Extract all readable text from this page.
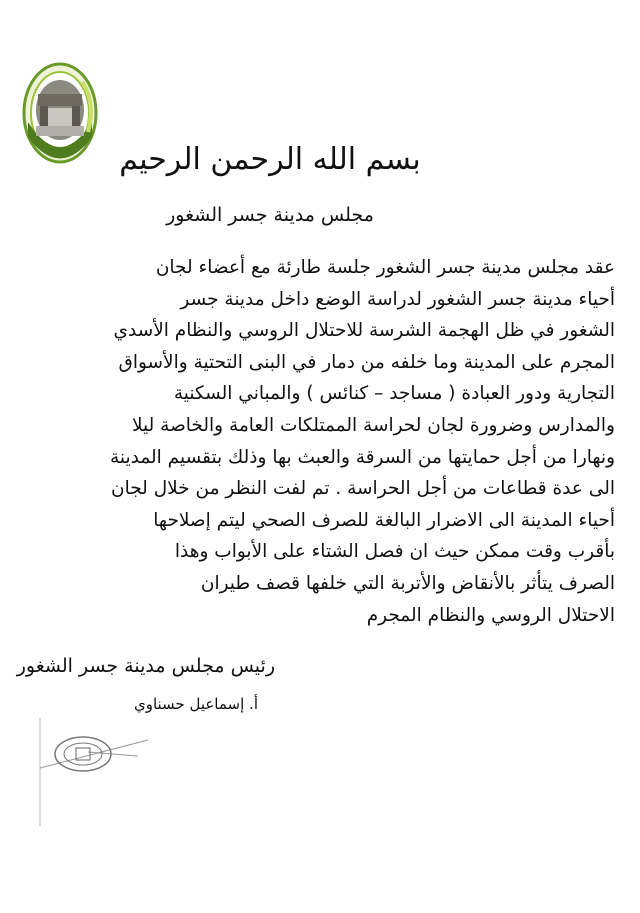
بسم الله الرحمن الرحيم
مجلس مدينة جسر الشغور
عقد مجلس مدينة جسر الشغور جلسة طارئة مع أعضاء لجان
أحياء مدينة جسر الشغور لدراسة الوضع داخل مدينة جسر
الشغور في ظل الهجمة الشرسة للاحتلال الروسي والنظام الأسدي
المجرم على المدينة وما خلفه من دمار في البنى التحتية والأسواق
التجارية ودور العبادة ( مساجد – كنائس ) والمباني السكنية
والمدارس وضرورة لجان لحراسة الممتلكات العامة والخاصة ليلا
ونهارا من أجل حمايتها من السرقة والعبث بها وذلك بتقسيم المدينة
الى عدة قطاعات من أجل الحراسة . تم لفت النظر من خلال لجان
أحياء المدينة الى الاضرار البالغة للصرف الصحي ليتم إصلاحها
بأقرب وقت ممكن حيث ان فصل الشتاء على الأبواب وهذا
الصرف يتأثر بالأنقاض والأتربة التي خلفها قصف طيران
الاحتلال الروسي والنظام المجرم
رئيس مجلس مدينة جسر الشغور
أ. إسماعيل حسناوي
